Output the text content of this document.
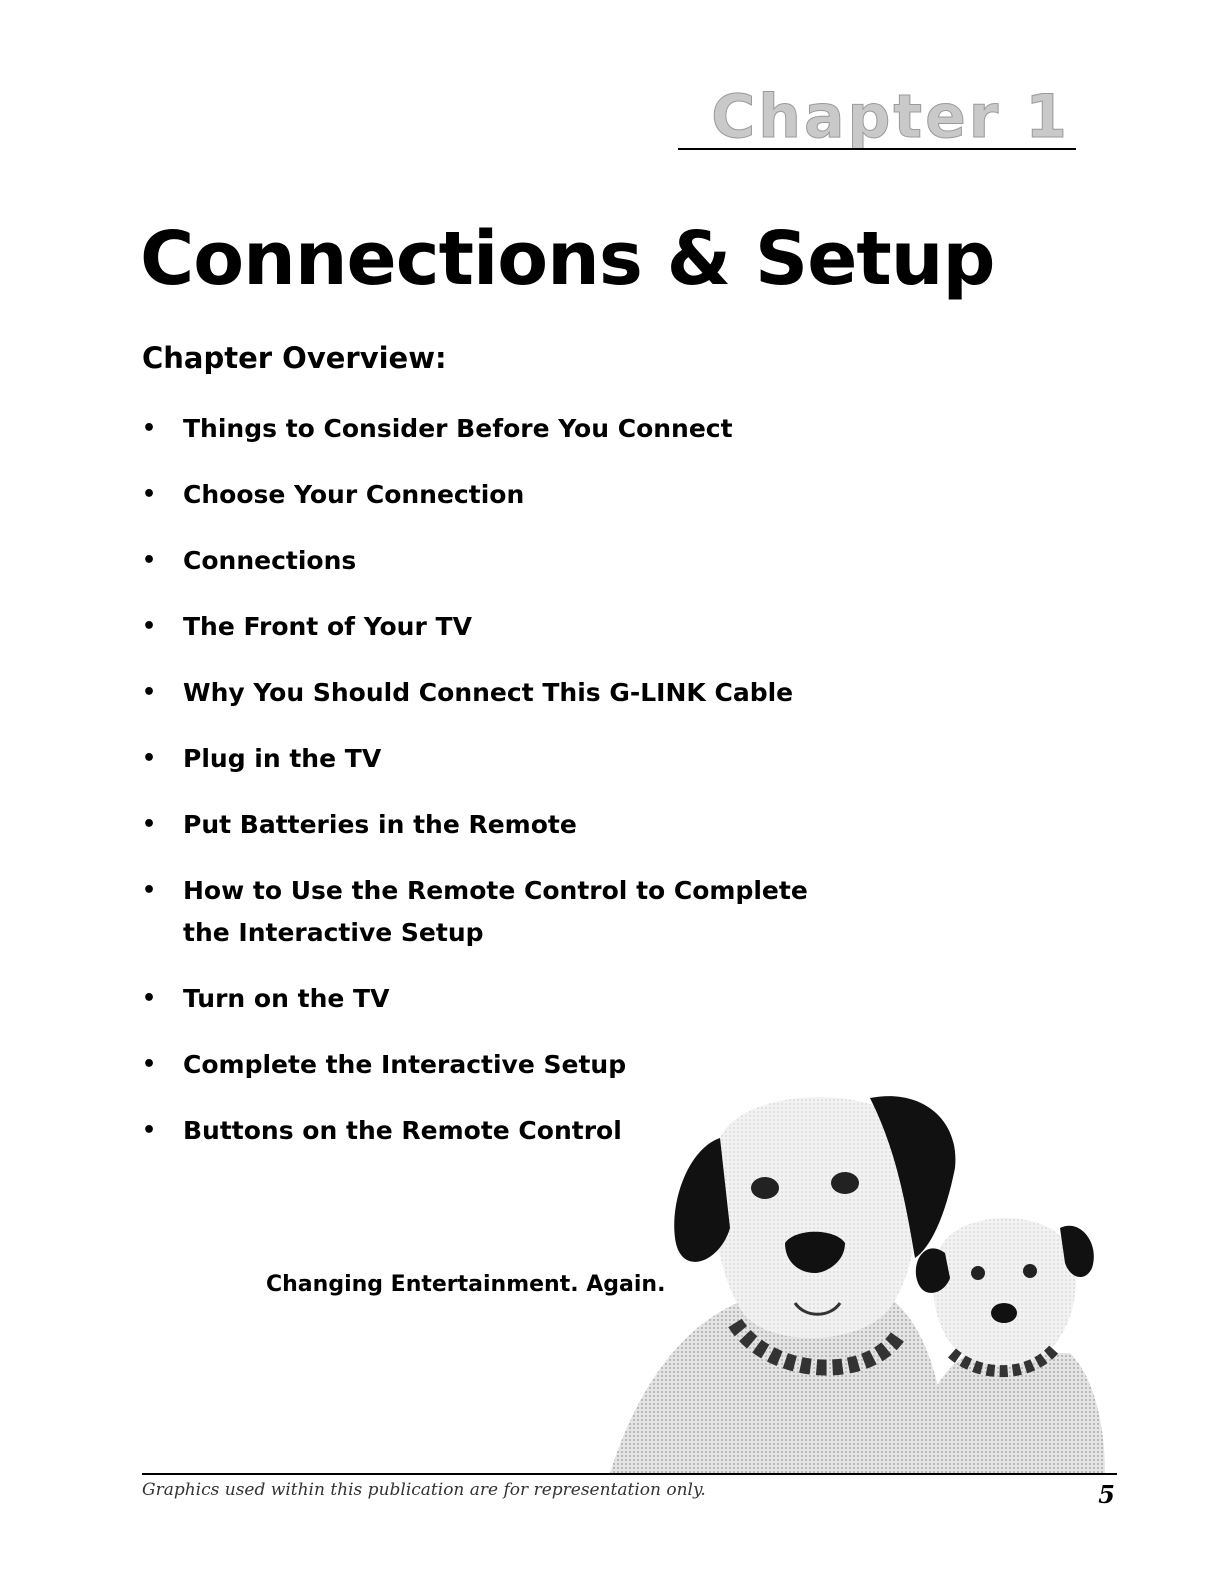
Chapter 1
Connections & Setup
Chapter Overview:
• Things to Consider Before You Connect
• Choose Your Connection
• Connections
• The Front of Your TV
• Why You Should Connect This G-LINK Cable
• Plug in the TV
• Put Batteries in the Remote
• How to Use the Remote Control to Complete the Interactive Setup
• Turn on the TV
• Complete the Interactive Setup
• Buttons on the Remote Control

Changing Entertainment. Again.

Graphics used within this publication are for representation only.	5
